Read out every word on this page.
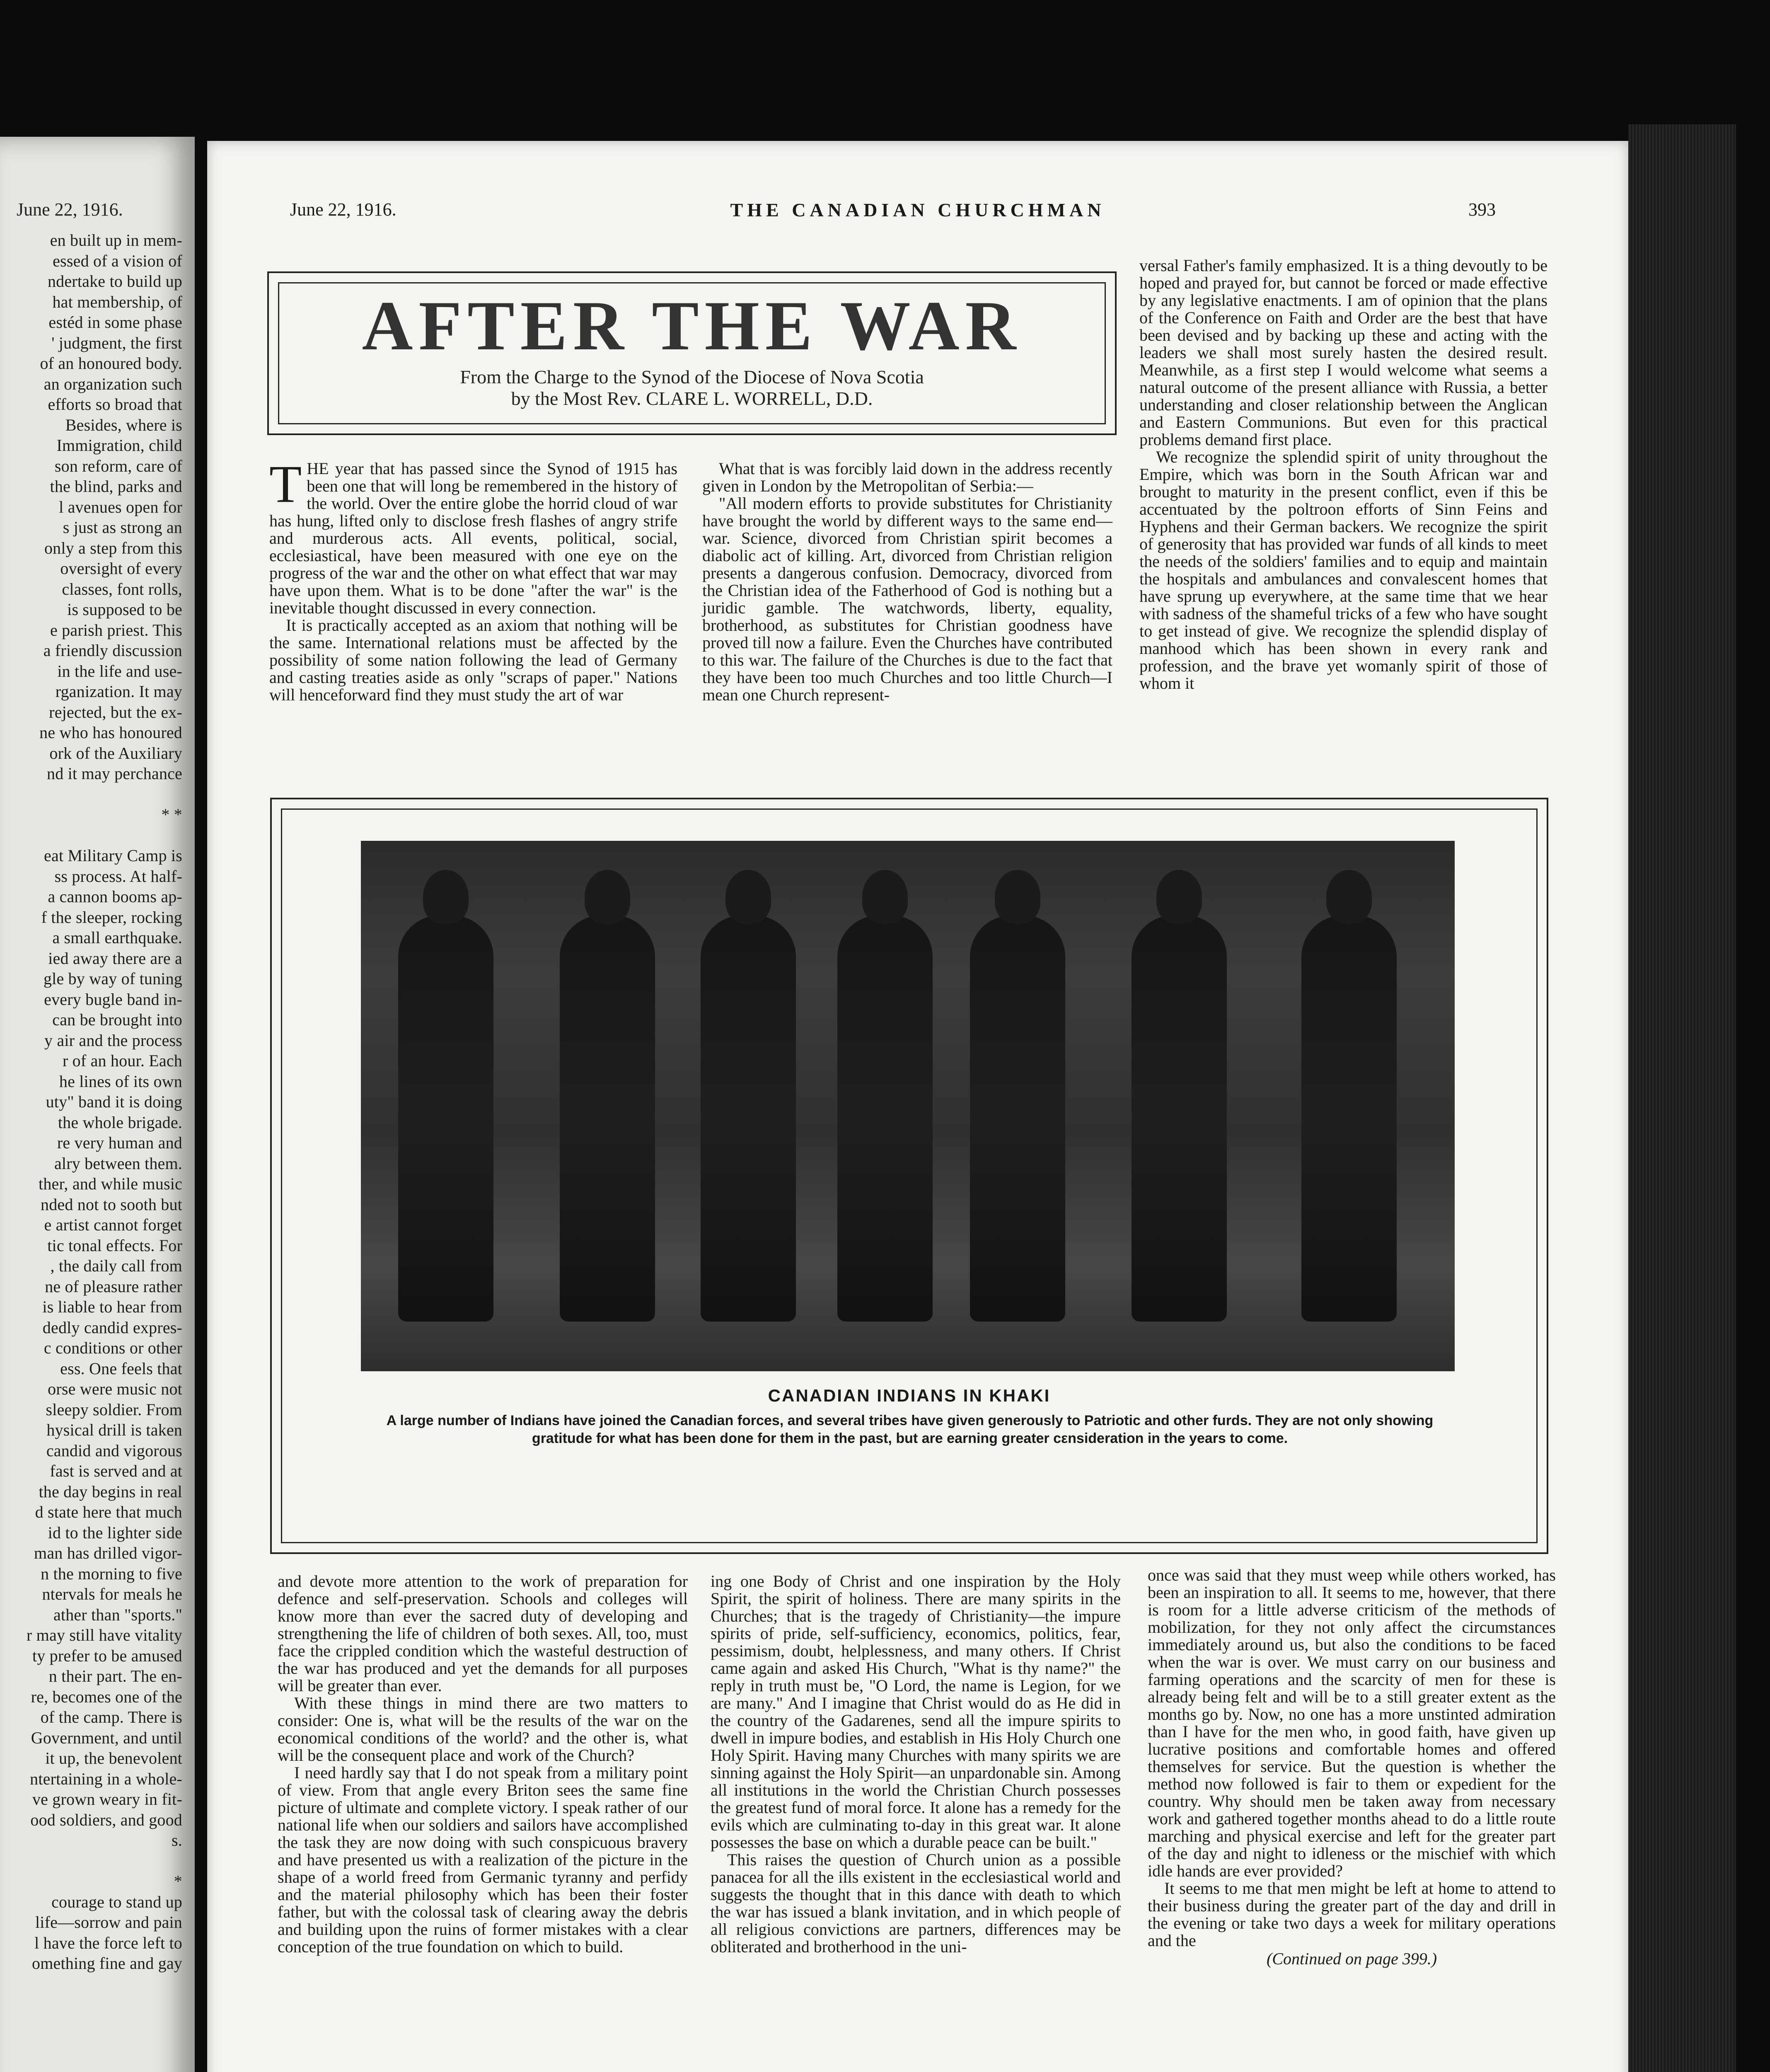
June 22, 1916.
en built up in mem-
essed of a vision of
ndertake to build up
hat membership, of
estéd in some phase
' judgment, the first
of an honoured body.
an organization such
efforts so broad that
Besides, where is
Immigration, child
son reform, care of
the blind, parks and
l avenues open for
s just as strong an
only a step from this
oversight of every
classes, font rolls,
is supposed to be
e parish priest. This
a friendly discussion
in the life and use-
rganization. It may
rejected, but the ex-
ne who has honoured
ork of the Auxiliary
nd it may perchance

* *

eat Military Camp is
ss process. At half-
a cannon booms ap-
f the sleeper, rocking
a small earthquake.
ied away there are a
gle by way of tuning
every bugle band in-
can be brought into
y air and the process
r of an hour. Each
he lines of its own
uty" band it is doing
the whole brigade.
re very human and
alry between them.
ther, and while music
nded not to sooth but
e artist cannot forget
tic tonal effects. For
, the daily call from
ne of pleasure rather
is liable to hear from
dedly candid expres-
c conditions or other
ess. One feels that
orse were music not
sleepy soldier. From
hysical drill is taken
candid and vigorous
fast is served and at
the day begins in real
d state here that much
id to the lighter side
man has drilled vigor-
n the morning to five
ntervals for meals he
ather than "sports."
r may still have vitality
ty prefer to be amused
n their part. The en-
re, becomes one of the
of the camp. There is
Government, and until
it up, the benevolent
ntertaining in a whole-
ve grown weary in fit-
ood soldiers, and good
s.

*
courage to stand up
life—sorrow and pain
l have the force left to
omething fine and gay
June 22, 1916.	THE CANADIAN CHURCHMAN	393
AFTER THE WAR
From the Charge to the Synod of the Diocese of Nova Scotia
by the Most Rev. CLARE L. WORRELL, D.D.

THE year that has passed since the Synod of 1915 has been one that will long be remembered in the history of the world. Over the entire globe the horrid cloud of war has hung, lifted only to disclose fresh flashes of angry strife and murderous acts. All events, political, social, ecclesiastical, have been measured with one eye on the progress of the war and the other on what effect that war may have upon them. What is to be done "after the war" is the inevitable thought discussed in every connection.

It is practically accepted as an axiom that nothing will be the same. International relations must be affected by the possibility of some nation following the lead of Germany and casting treaties aside as only "scraps of paper." Nations will henceforward find they must study the art of war

What that is was forcibly laid down in the address recently given in London by the Metropolitan of Serbia:—

"All modern efforts to provide substitutes for Christianity have brought the world by different ways to the same end—war. Science, divorced from Christian spirit becomes a diabolic act of killing. Art, divorced from Christian religion presents a dangerous confusion. Democracy, divorced from the Christian idea of the Fatherhood of God is nothing but a juridic gamble. The watchwords, liberty, equality, brotherhood, as substitutes for Christian goodness have proved till now a failure. Even the Churches have contributed to this war. The failure of the Churches is due to the fact that they have been too much Churches and too little Church—I mean one Church represent-

versal Father's family emphasized. It is a thing devoutly to be hoped and prayed for, but cannot be forced or made effective by any legislative enactments. I am of opinion that the plans of the Conference on Faith and Order are the best that have been devised and by backing up these and acting with the leaders we shall most surely hasten the desired result. Meanwhile, as a first step I would welcome what seems a natural outcome of the present alliance with Russia, a better understanding and closer relationship between the Anglican and Eastern Communions. But even for this practical problems demand first place.

We recognize the splendid spirit of unity throughout the Empire, which was born in the South African war and brought to maturity in the present conflict, even if this be accentuated by the poltroon efforts of Sinn Feins and Hyphens and their German backers. We recognize the spirit of generosity that has provided war funds of all kinds to meet the needs of the soldiers' families and to equip and maintain the hospitals and ambulances and convalescent homes that have sprung up everywhere, at the same time that we hear with sadness of the shameful tricks of a few who have sought to get instead of give. We recognize the splendid display of manhood which has been shown in every rank and profession, and the brave yet womanly spirit of those of whom it

CANADIAN INDIANS IN KHAKI
A large number of Indians have joined the Canadian forces, and several tribes have given generously to Patriotic and other furds. They are not only showing gratitude for what has been done for them in the past, but are earning greater cεnsideration in the years to come.

and devote more attention to the work of preparation for defence and self-preservation. Schools and colleges will know more than ever the sacred duty of developing and strengthening the life of children of both sexes. All, too, must face the crippled condition which the wasteful destruction of the war has produced and yet the demands for all purposes will be greater than ever.

With these things in mind there are two matters to consider: One is, what will be the results of the war on the economical conditions of the world? and the other is, what will be the consequent place and work of the Church?

I need hardly say that I do not speak from a military point of view. From that angle every Briton sees the same fine picture of ultimate and complete victory. I speak rather of our national life when our soldiers and sailors have accomplished the task they are now doing with such conspicuous bravery and have presented us with a realization of the picture in the shape of a world freed from Germanic tyranny and perfidy and the material philosophy which has been their foster father, but with the colossal task of clearing away the debris and building upon the ruins of former mistakes with a clear conception of the true foundation on which to build.

ing one Body of Christ and one inspiration by the Holy Spirit, the spirit of holiness. There are many spirits in the Churches; that is the tragedy of Christianity—the impure spirits of pride, self-sufficiency, economics, politics, fear, pessimism, doubt, helplessness, and many others. If Christ came again and asked His Church, "What is thy name?" the reply in truth must be, "O Lord, the name is Legion, for we are many." And I imagine that Christ would do as He did in the country of the Gadarenes, send all the impure spirits to dwell in impure bodies, and establish in His Holy Church one Holy Spirit. Having many Churches with many spirits we are sinning against the Holy Spirit—an unpardonable sin. Among all institutions in the world the Christian Church possesses the greatest fund of moral force. It alone has a remedy for the evils which are culminating to-day in this great war. It alone possesses the base on which a durable peace can be built."

This raises the question of Church union as a possible panacea for all the ills existent in the ecclesiastical world and suggests the thought that in this dance with death to which the war has issued a blank invitation, and in which people of all religious convictions are partners, differences may be obliterated and brotherhood in the uni-

once was said that they must weep while others worked, has been an inspiration to all. It seems to me, however, that there is room for a little adverse criticism of the methods of mobilization, for they not only affect the circumstances immediately around us, but also the conditions to be faced when the war is over. We must carry on our business and farming operations and the scarcity of men for these is already being felt and will be to a still greater extent as the months go by. Now, no one has a more unstinted admiration than I have for the men who, in good faith, have given up lucrative positions and comfortable homes and offered themselves for service. But the question is whether the method now followed is fair to them or expedient for the country. Why should men be taken away from necessary work and gathered together months ahead to do a little route marching and physical exercise and left for the greater part of the day and night to idleness or the mischief with which idle hands are ever provided?

It seems to me that men might be left at home to attend to their business during the greater part of the day and drill in the evening or take two days a week for military operations and the

(Continued on page 399.)
